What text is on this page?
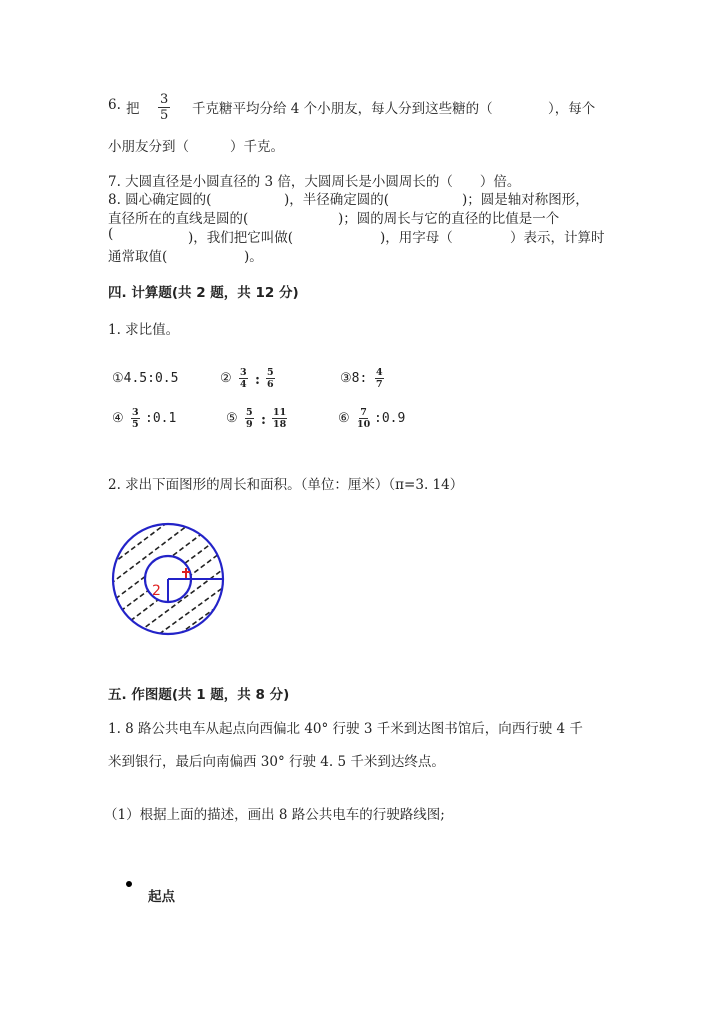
6. 把 $\frac{3}{5}$ 千克糖平均分给 4 个小朋友，每人分到这些糖的（	），每个
小朋友分到（	）千克。
7. 大圆直径是小圆直径的 3 倍，大圆周长是小圆周长的（　　）倍。
8. 圆心确定圆的(	)，半径确定圆的(	)；圆是轴对称图形，
直径所在的直线是圆的(	)；圆的周长与它的直径的比值是一个
(	)，我们把它叫做(	)，用字母（	）表示，计算时
通常取值(	)。
四. 计算题(共 2 题，共 12 分)
1. 求比值。
①4.5:0.5	② $\frac{3}{4}$ : $\frac{5}{6}$	③8: $\frac{4}{7}$
④ $\frac{3}{5}$ :0.1	⑤ $\frac{5}{9}$ : $\frac{11}{18}$	⑥ $\frac{7}{10}$ :0.9
2. 求出下面图形的周长和面积。（单位：厘米）（π=3. 14）
2
五. 作图题(共 1 题，共 8 分)
1. 8 路公共电车从起点向西偏北 40° 行驶 3 千米到达图书馆后，向西行驶 4 千
米到银行，最后向南偏西 30° 行驶 4. 5 千米到达终点。
（1）根据上面的描述，画出 8 路公共电车的行驶路线图;
起点
